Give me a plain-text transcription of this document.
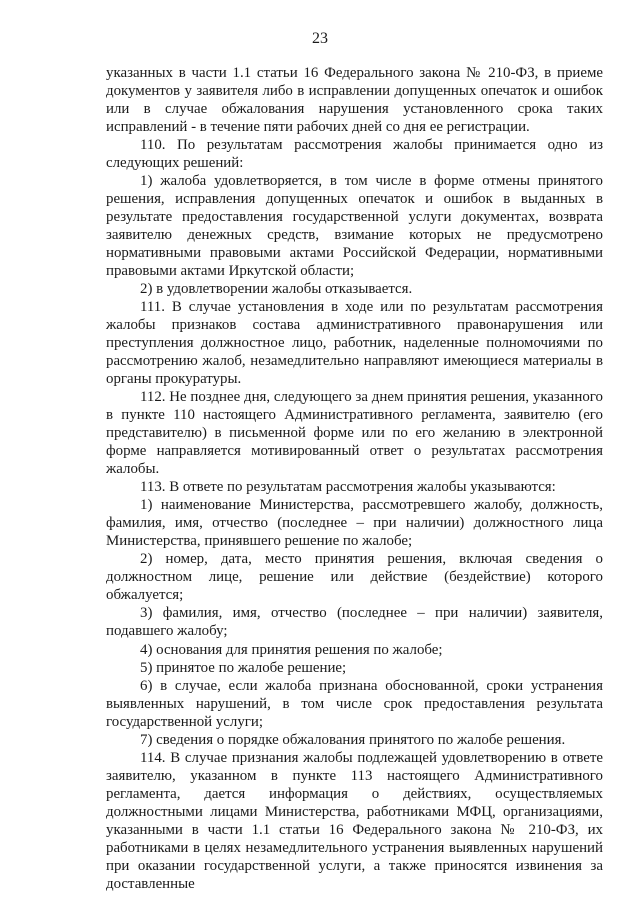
23

указанных в части 1.1 статьи 16 Федерального закона № 210-ФЗ, в приеме документов у заявителя либо в исправлении допущенных опечаток и ошибок или в случае обжалования нарушения установленного срока таких исправлений - в течение пяти рабочих дней со дня ее регистрации.

110. По результатам рассмотрения жалобы принимается одно из следующих решений:

1) жалоба удовлетворяется, в том числе в форме отмены принятого решения, исправления допущенных опечаток и ошибок в выданных в результате предоставления государственной услуги документах, возврата заявителю денежных средств, взимание которых не предусмотрено нормативными правовыми актами Российской Федерации, нормативными правовыми актами Иркутской области;

2) в удовлетворении жалобы отказывается.

111. В случае установления в ходе или по результатам рассмотрения жалобы признаков состава административного правонарушения или преступления должностное лицо, работник, наделенные полномочиями по рассмотрению жалоб, незамедлительно направляют имеющиеся материалы в органы прокуратуры.

112. Не позднее дня, следующего за днем принятия решения, указанного в пункте 110 настоящего Административного регламента, заявителю (его представителю) в письменной форме или по его желанию в электронной форме направляется мотивированный ответ о результатах рассмотрения жалобы.

113. В ответе по результатам рассмотрения жалобы указываются:

1) наименование Министерства, рассмотревшего жалобу, должность, фамилия, имя, отчество (последнее – при наличии) должностного лица Министерства, принявшего решение по жалобе;

2) номер, дата, место принятия решения, включая сведения о должностном лице, решение или действие (бездействие) которого обжалуется;

3) фамилия, имя, отчество (последнее – при наличии) заявителя, подавшего жалобу;

4) основания для принятия решения по жалобе;

5) принятое по жалобе решение;

6) в случае, если жалоба признана обоснованной, сроки устранения выявленных нарушений, в том числе срок предоставления результата государственной услуги;

7) сведения о порядке обжалования принятого по жалобе решения.

114. В случае признания жалобы подлежащей удовлетворению в ответе заявителю, указанном в пункте 113 настоящего Административного регламента, дается информация о действиях, осуществляемых должностными лицами Министерства, работниками МФЦ, организациями, указанными в части 1.1 статьи 16 Федерального закона № 210-ФЗ, их работниками в целях незамедлительного устранения выявленных нарушений при оказании государственной услуги, а также приносятся извинения за доставленные
